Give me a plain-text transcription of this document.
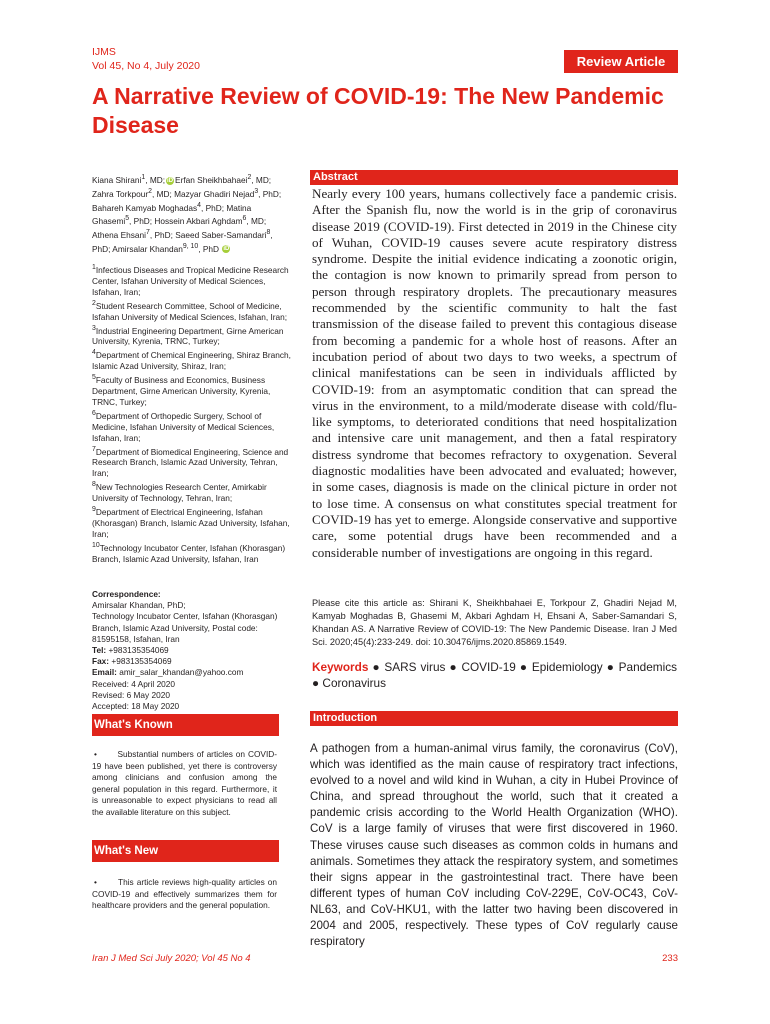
IJMS
Vol 45, No 4, July 2020	Review Article
A Narrative Review of COVID-19: The New Pandemic Disease
Kiana Shirani$^1$, MD; iD Erfan Sheikhbahaei$^2$, MD; Zahra Torkpour$^2$, MD; Mazyar Ghadiri Nejad$^3$, PhD; Bahareh Kamyab Moghadas$^4$, PhD; Matina Ghasemi$^5$, PhD; Hossein Akbari Aghdam$^6$, MD; Athena Ehsani$^7$, PhD; Saeed Saber-Samandari$^8$, PhD; Amirsalar Khandan$^{9, 10}$, PhD iD

$^1$Infectious Diseases and Tropical Medicine Research Center, Isfahan University of Medical Sciences, Isfahan, Iran;

$^2$Student Research Committee, School of Medicine, Isfahan University of Medical Sciences, Isfahan, Iran;

$^3$Industrial Engineering Department, Girne American University, Kyrenia, TRNC, Turkey;

$^4$Department of Chemical Engineering, Shiraz Branch, Islamic Azad University, Shiraz, Iran;

$^5$Faculty of Business and Economics, Business Department, Girne American University, Kyrenia, TRNC, Turkey;

$^6$Department of Orthopedic Surgery, School of Medicine, Isfahan University of Medical Sciences, Isfahan, Iran;

$^7$Department of Biomedical Engineering, Science and Research Branch, Islamic Azad University, Tehran, Iran;

$^8$New Technologies Research Center, Amirkabir University of Technology, Tehran, Iran;

$^9$Department of Electrical Engineering, Isfahan (Khorasgan) Branch, Islamic Azad University, Isfahan, Iran;

$^{10}$Technology Incubator Center, Isfahan (Khorasgan) Branch, Islamic Azad University, Isfahan, Iran

Correspondence:
Amirsalar Khandan, PhD;
Technology Incubator Center, Isfahan (Khorasgan) Branch, Islamic Azad University, Postal code: 81595158, Isfahan, Iran
Tel: +983135354069
Fax: +983135354069
Email: amir_salar_khandan@yahoo.com
Received: 4 April 2020
Revised: 6 May 2020
Accepted: 18 May 2020
What's Known
• Substantial numbers of articles on COVID-19 have been published, yet there is controversy among clinicians and confusion among the general population in this regard. Furthermore, it is unreasonable to expect physicians to read all the available literature on this subject.
What's New
•	This article reviews high-quality articles on COVID-19 and effectively summarizes them for healthcare providers and the general population.
Abstract
Nearly every 100 years, humans collectively face a pandemic crisis. After the Spanish flu, now the world is in the grip of coronavirus disease 2019 (COVID-19). First detected in 2019 in the Chinese city of Wuhan, COVID-19 causes severe acute respiratory distress syndrome. Despite the initial evidence indicating a zoonotic origin, the contagion is now known to primarily spread from person to person through respiratory droplets. The precautionary measures recommended by the scientific community to halt the fast transmission of the disease failed to prevent this contagious disease from becoming a pandemic for a whole host of reasons. After an incubation period of about two days to two weeks, a spectrum of clinical manifestations can be seen in individuals afflicted by COVID-19: from an asymptomatic condition that can spread the virus in the environment, to a mild/moderate disease with cold/flu-like symptoms, to deteriorated conditions that need hospitalization and intensive care unit management, and then a fatal respiratory distress syndrome that becomes refractory to oxygenation. Several diagnostic modalities have been advocated and evaluated; however, in some cases, diagnosis is made on the clinical picture in order not to lose time. A consensus on what constitutes special treatment for COVID-19 has yet to emerge. Alongside conservative and supportive care, some potential drugs have been recommended and a considerable number of investigations are ongoing in this regard.
Please cite this article as: Shirani K, Sheikhbahaei E, Torkpour Z, Ghadiri Nejad M, Kamyab Moghadas B, Ghasemi M, Akbari Aghdam H, Ehsani A, Saber-Samandari S, Khandan AS. A Narrative Review of COVID-19: The New Pandemic Disease. Iran J Med Sci. 2020;45(4):233-249. doi: 10.30476/ijms.2020.85869.1549.
Keywords ● SARS virus ● COVID-19 ● Epidemiology ● Pandemics ● Coronavirus
Introduction
A pathogen from a human-animal virus family, the coronavirus (CoV), which was identified as the main cause of respiratory tract infections, evolved to a novel and wild kind in Wuhan, a city in Hubei Province of China, and spread throughout the world, such that it created a pandemic crisis according to the World Health Organization (WHO). CoV is a large family of viruses that were first discovered in 1960. These viruses cause such diseases as common colds in humans and animals. Sometimes they attack the respiratory system, and sometimes their signs appear in the gastrointestinal tract. There have been different types of human CoV including CoV-229E, CoV-OC43, CoV-NL63, and CoV-HKU1, with the latter two having been discovered in 2004 and 2005, respectively. These types of CoV regularly cause respiratory
Iran J Med Sci July 2020; Vol 45 No 4	233
